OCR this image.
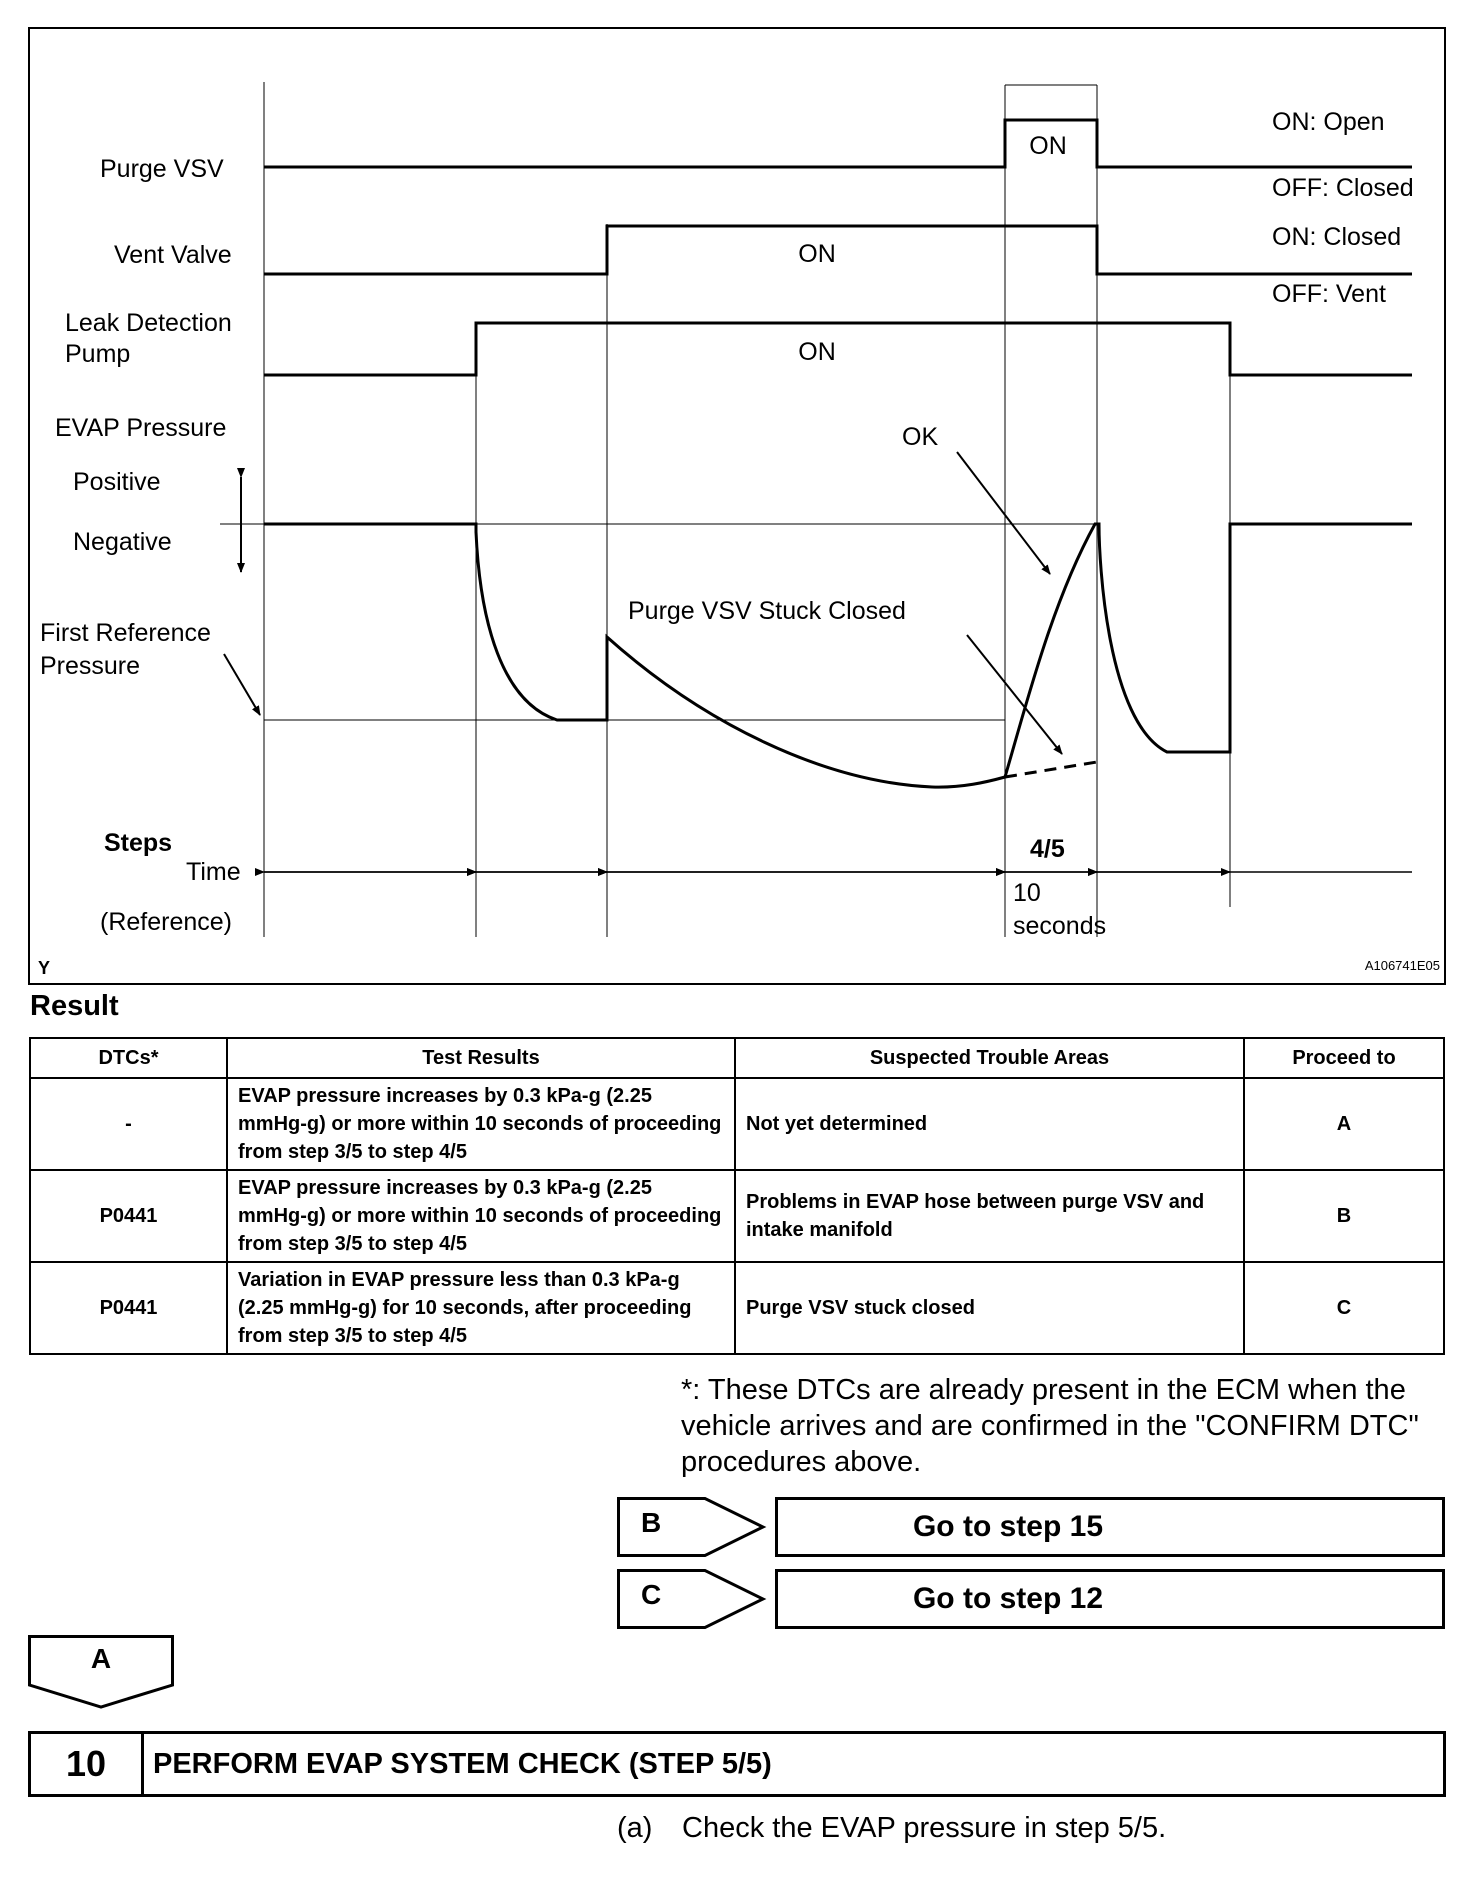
Purge VSV
Vent Valve
Leak Detection
Pump
EVAP Pressure
Positive
Negative
First Reference
Pressure
Steps
Time
(Reference)
ON
ON
ON
ON: Open
OFF: Closed
ON: Closed
OFF: Vent
OK
Purge VSV Stuck Closed
4/5
10
seconds
Y	A106741E05
Result
DTCs*	Test Results	Suspected Trouble Areas	Proceed to
-	EVAP pressure increases by 0.3 kPa-g (2.25 mmHg-g) or more within 10 seconds of proceeding from step 3/5 to step 4/5	Not yet determined	A
P0441	EVAP pressure increases by 0.3 kPa-g (2.25 mmHg-g) or more within 10 seconds of proceeding from step 3/5 to step 4/5	Problems in EVAP hose between purge VSV and intake manifold	B
P0441	Variation in EVAP pressure less than 0.3 kPa-g (2.25 mmHg-g) for 10 seconds, after proceeding from step 3/5 to step 4/5	Purge VSV stuck closed	C
*: These DTCs are already present in the ECM when the vehicle arrives and are confirmed in the "CONFIRM DTC" procedures above.
B	Go to step 15
C	Go to step 12
A
10	PERFORM EVAP SYSTEM CHECK (STEP 5/5)
(a) Check the EVAP pressure in step 5/5.
